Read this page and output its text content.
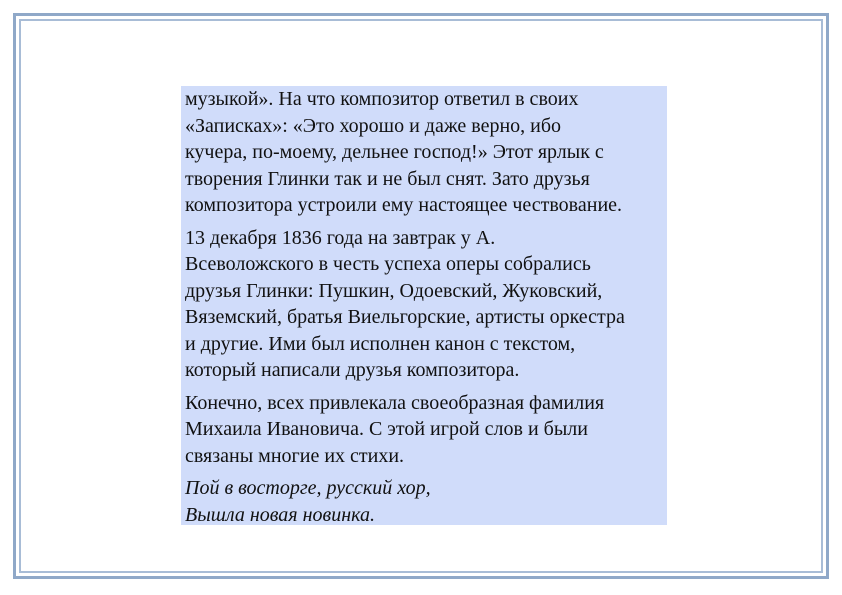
музыкой». На что композитор ответил в своих
«Записках»: «Это хорошо и даже верно, ибо
кучера, по-моему, дельнее господ!» Этот ярлык с
творения Глинки так и не был снят. Зато друзья
композитора устроили ему настоящее чествование.

13 декабря 1836 года на завтрак у А.
Всеволожского в честь успеха оперы собрались
друзья Глинки: Пушкин, Одоевский, Жуковский,
Вяземский, братья Виельгорские, артисты оркестра
и другие. Ими был исполнен канон с текстом,
который написали друзья композитора.

Конечно, всех привлекала своеобразная фамилия
Михаила Ивановича. С этой игрой слов и были
связаны многие их стихи.

Пой в восторге, русский хор,

Вышла новая новинка.
